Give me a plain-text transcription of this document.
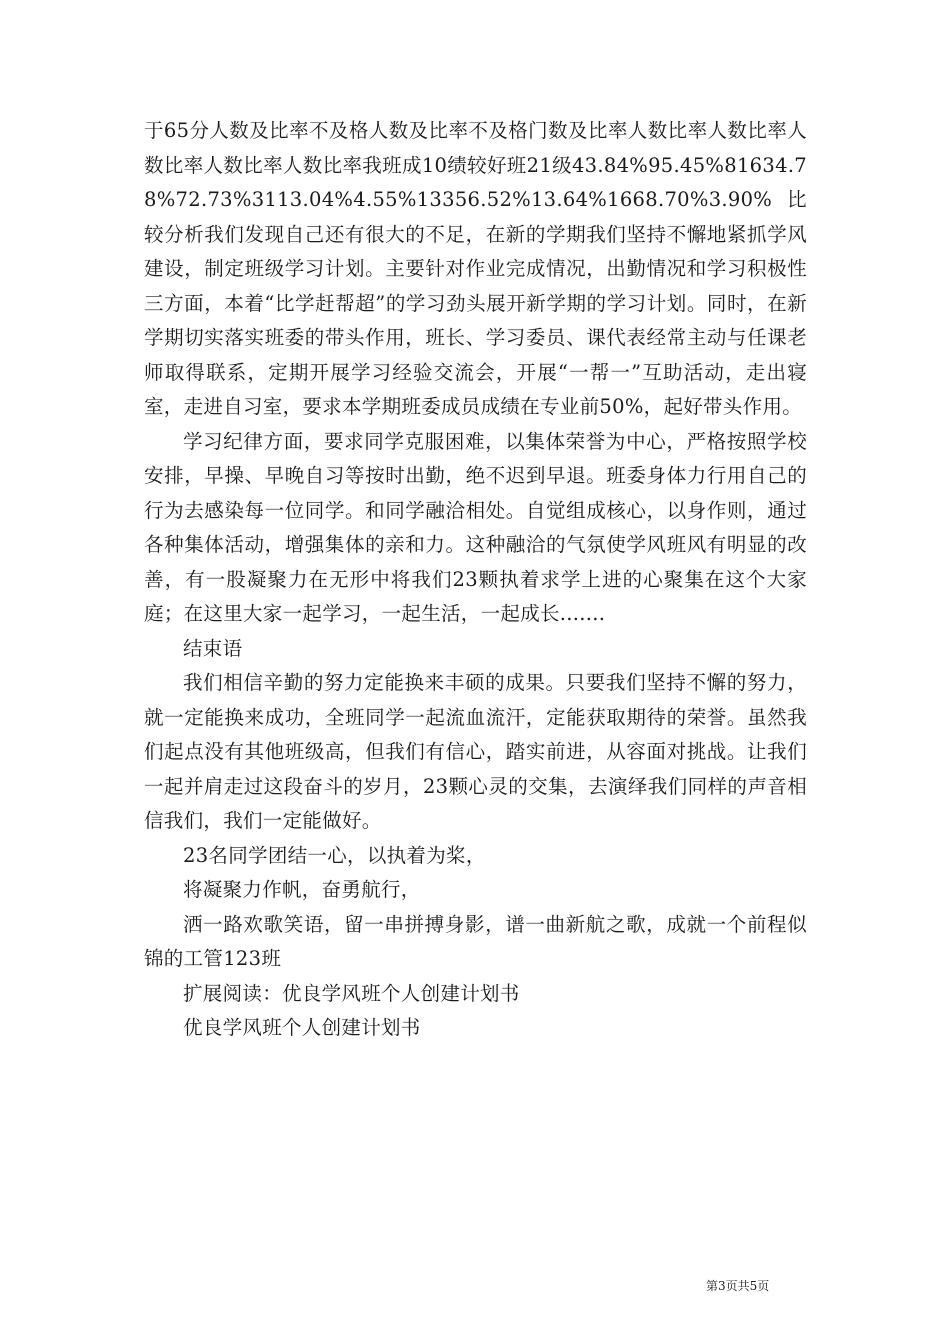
于65分人数及比率不及格人数及比率不及格门数及比率人数比率人数比率人数比率人数比率人数比率我班成10绩较好班21级43.84%95.45%81634.78%72.73%3113.04%4.55%13356.52%13.64%1668.70%3.90%比较分析我们发现自己还有很大的不足，在新的学期我们坚持不懈地紧抓学风建设，制定班级学习计划。主要针对作业完成情况，出勤情况和学习积极性三方面，本着“比学赶帮超”的学习劲头展开新学期的学习计划。同时，在新学期切实落实班委的带头作用，班长、学习委员、课代表经常主动与任课老师取得联系，定期开展学习经验交流会，开展“一帮一”互助活动，走出寝室，走进自习室，要求本学期班委成员成绩在专业前50%，起好带头作用。

学习纪律方面，要求同学克服困难，以集体荣誉为中心，严格按照学校安排，早操、早晚自习等按时出勤，绝不迟到早退。班委身体力行用自己的行为去感染每一位同学。和同学融洽相处。自觉组成核心，以身作则，通过各种集体活动，增强集体的亲和力。这种融洽的气氛使学风班风有明显的改善，有一股凝聚力在无形中将我们23颗执着求学上进的心聚集在这个大家庭；在这里大家一起学习，一起生活，一起成长.......

结束语

我们相信辛勤的努力定能换来丰硕的成果。只要我们坚持不懈的努力，就一定能换来成功，全班同学一起流血流汗，定能获取期待的荣誉。虽然我们起点没有其他班级高，但我们有信心，踏实前进，从容面对挑战。让我们一起并肩走过这段奋斗的岁月，23颗心灵的交集，去演绎我们同样的声音相信我们，我们一定能做好。

23名同学团结一心，以执着为桨，

将凝聚力作帆，奋勇航行，

洒一路欢歌笑语，留一串拼搏身影，谱一曲新航之歌，成就一个前程似锦的工管123班

扩展阅读：优良学风班个人创建计划书

优良学风班个人创建计划书

第3页共5页
